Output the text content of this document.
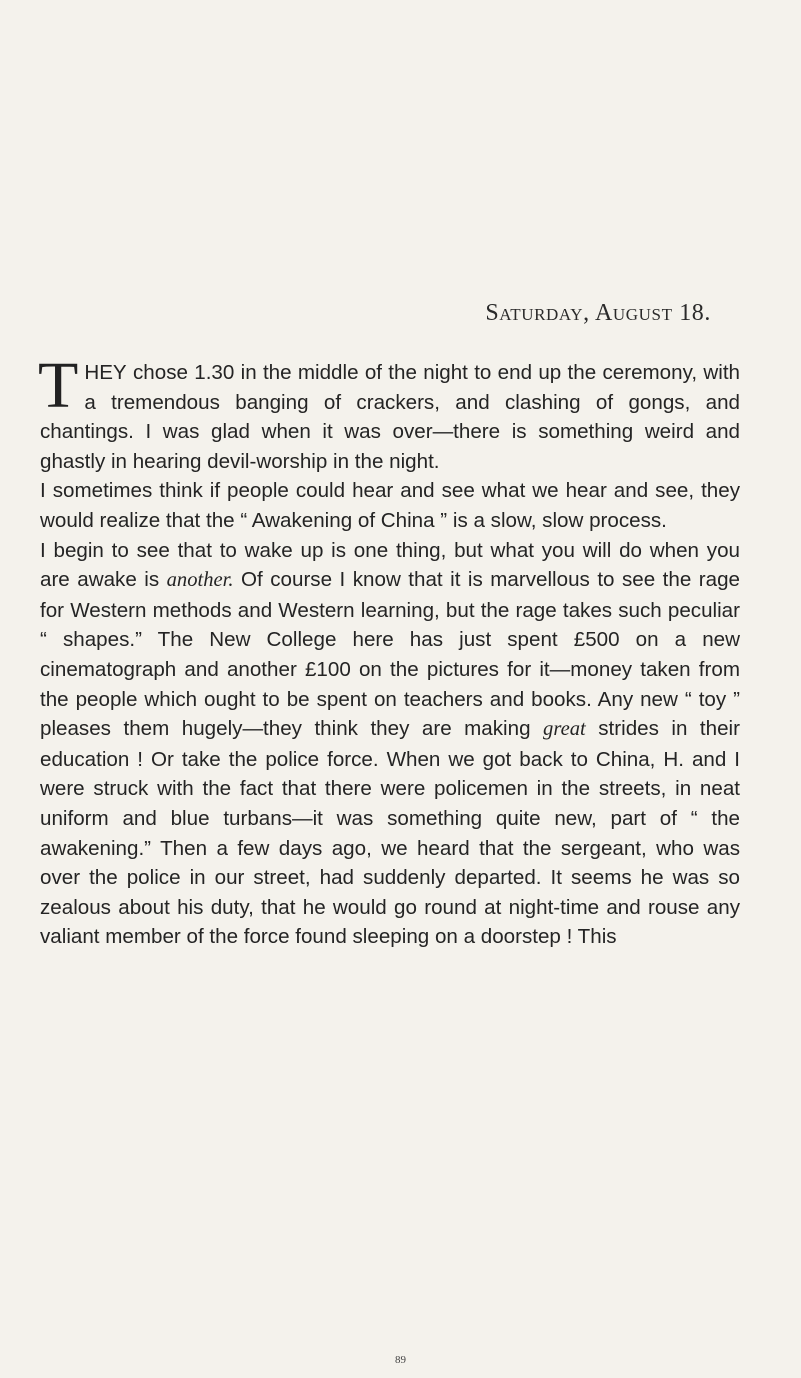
Saturday, August 18.

THEY chose 1.30 in the middle of the night to end up the ceremony, with a tremendous banging of crackers, and clashing of gongs, and chantings. I was glad when it was over—there is something weird and ghastly in hearing devil-worship in the night.

I sometimes think if people could hear and see what we hear and see, they would realize that the “ Awakening of China ” is a slow, slow process.

I begin to see that to wake up is one thing, but what you will do when you are awake is another. Of course I know that it is marvellous to see the rage for Western methods and Western learning, but the rage takes such peculiar “ shapes.” The New College here has just spent £500 on a new cinematograph and another £100 on the pictures for it—money taken from the people which ought to be spent on teachers and books. Any new “ toy ” pleases them hugely—they think they are making great strides in their education ! Or take the police force. When we got back to China, H. and I were struck with the fact that there were policemen in the streets, in neat uniform and blue turbans—it was something quite new, part of “ the awakening.” Then a few days ago, we heard that the sergeant, who was over the police in our street, had suddenly departed. It seems he was so zealous about his duty, that he would go round at night-time and rouse any valiant member of the force found sleeping on a doorstep ! This

89
